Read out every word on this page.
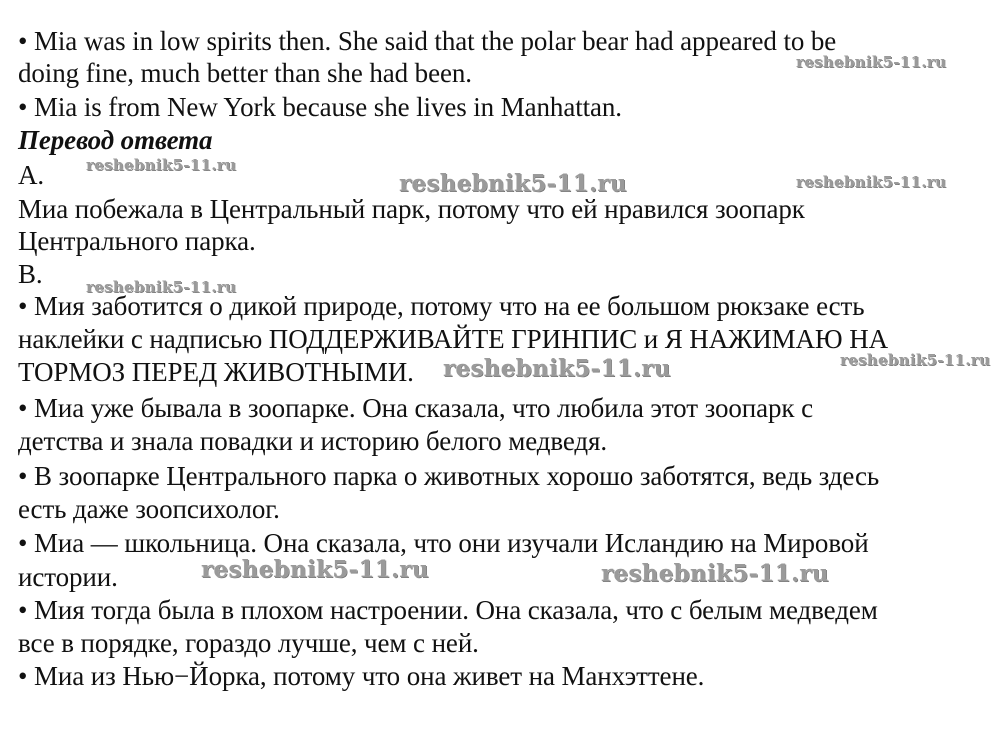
• Mia was in low spirits then. She said that the polar bear had appeared to be
doing fine, much better than she had been.
• Mia is from New York because she lives in Manhattan.
Перевод ответа
A.
Миа побежала в Центральный парк, потому что ей нравился зоопарк
Центрального парка.
B.
• Мия заботится о дикой природе, потому что на ее большом рюкзаке есть
наклейки с надписью ПОДДЕРЖИВАЙТЕ ГРИНПИС и Я НАЖИМАЮ НА
ТОРМОЗ ПЕРЕД ЖИВОТНЫМИ.
• Миа уже бывала в зоопарке. Она сказала, что любила этот зоопарк с
детства и знала повадки и историю белого медведя.
• В зоопарке Центрального парка о животных хорошо заботятся, ведь здесь
есть даже зоопсихолог.
• Миа — школьница. Она сказала, что они изучали Исландию на Мировой
истории.
• Мия тогда была в плохом настроении. Она сказала, что с белым медведем
все в порядке, гораздо лучше, чем с ней.
• Миа из Нью−Йорка, потому что она живет на Манхэттене.
reshebnik5-11.ru
reshebnik5-11.ru
reshebnik5-11.ru	reshebnik5-11.ru
reshebnik5-11.ru
reshebnik5-11.ru
reshebnik5-11.ru
reshebnik5-11.ru	reshebnik5-11.ru
